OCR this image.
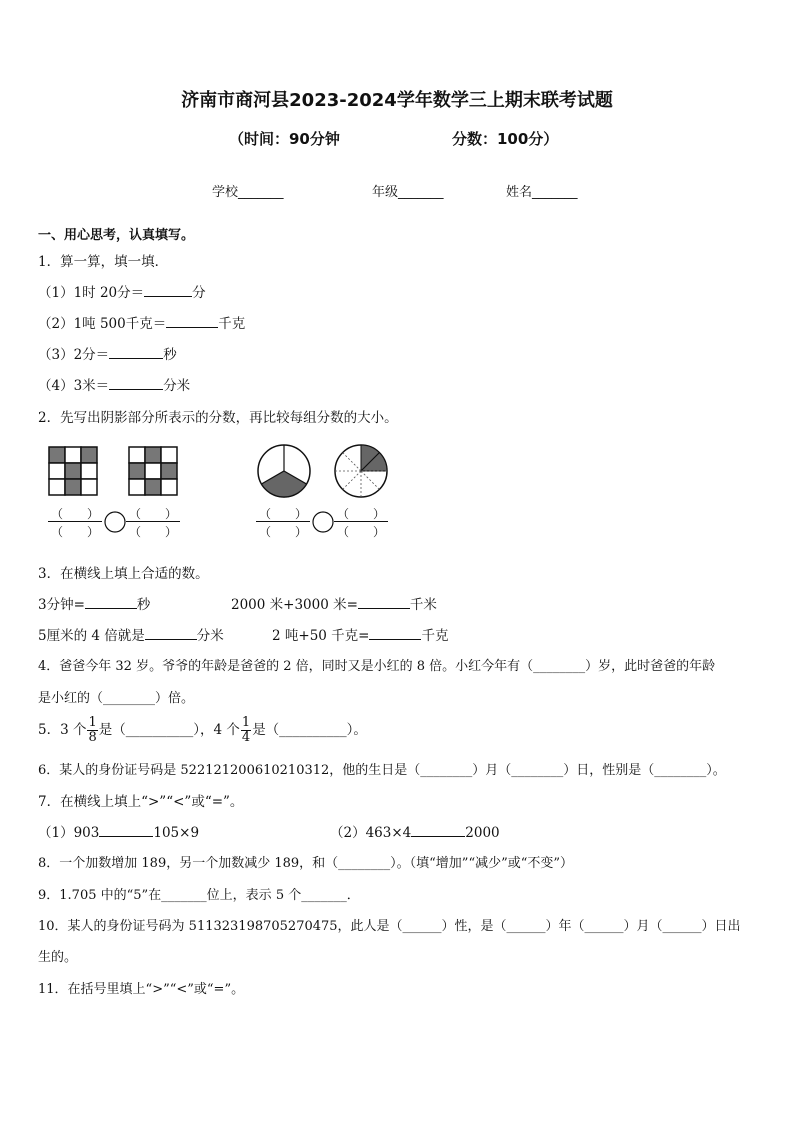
济南市商河县2023-2024学年数学三上期末联考试题
（时间：90分钟	分数：100分）
学校_______	年级_______	姓名_______
一、用心思考，认真填写。
1．算一算，填一填．
（1）1时 20分＝	分
（2）1吨 500千克＝	千克
（3）2分＝	秒
（4）3米＝	分米
2．先写出阴影部分所表示的分数，再比较每组分数的大小。
（　　）
（　　）
（　　）
（　　）
（　　）
（　　）
（　　）
（　　）
3．在横线上填上合适的数。
3分钟=	秒	2000 米+3000 米=	千米
5厘米的 4 倍就是	分米	2 吨+50 千克=	千克
4．爸爸今年 32 岁。爷爷的年龄是爸爸的 2 倍，同时又是小红的 8 倍。小红今年有（________）岁，此时爸爸的年龄
是小红的（________）倍。
5．3 个 $\frac{1}{8}$ 是（__________），4 个 $\frac{1}{4}$ 是（__________）。
6．某人的身份证号码是 522121200610210312，他的生日是（________）月（________）日，性别是（________）。
7．在横线上填上“>”“<”或“=”。
（1）903	105×9	（2）463×4	2000
8．一个加数增加 189，另一个加数减少 189，和（________）。（填“增加”“减少”或“不变”）
9．1.705 中的“5”在_______位上，表示 5 个_______．
10．某人的身份证号码为 511323198705270475，此人是（______）性，是（______）年（______）月（______）日出
生的。
11．在括号里填上“>”“<”或“=”。
